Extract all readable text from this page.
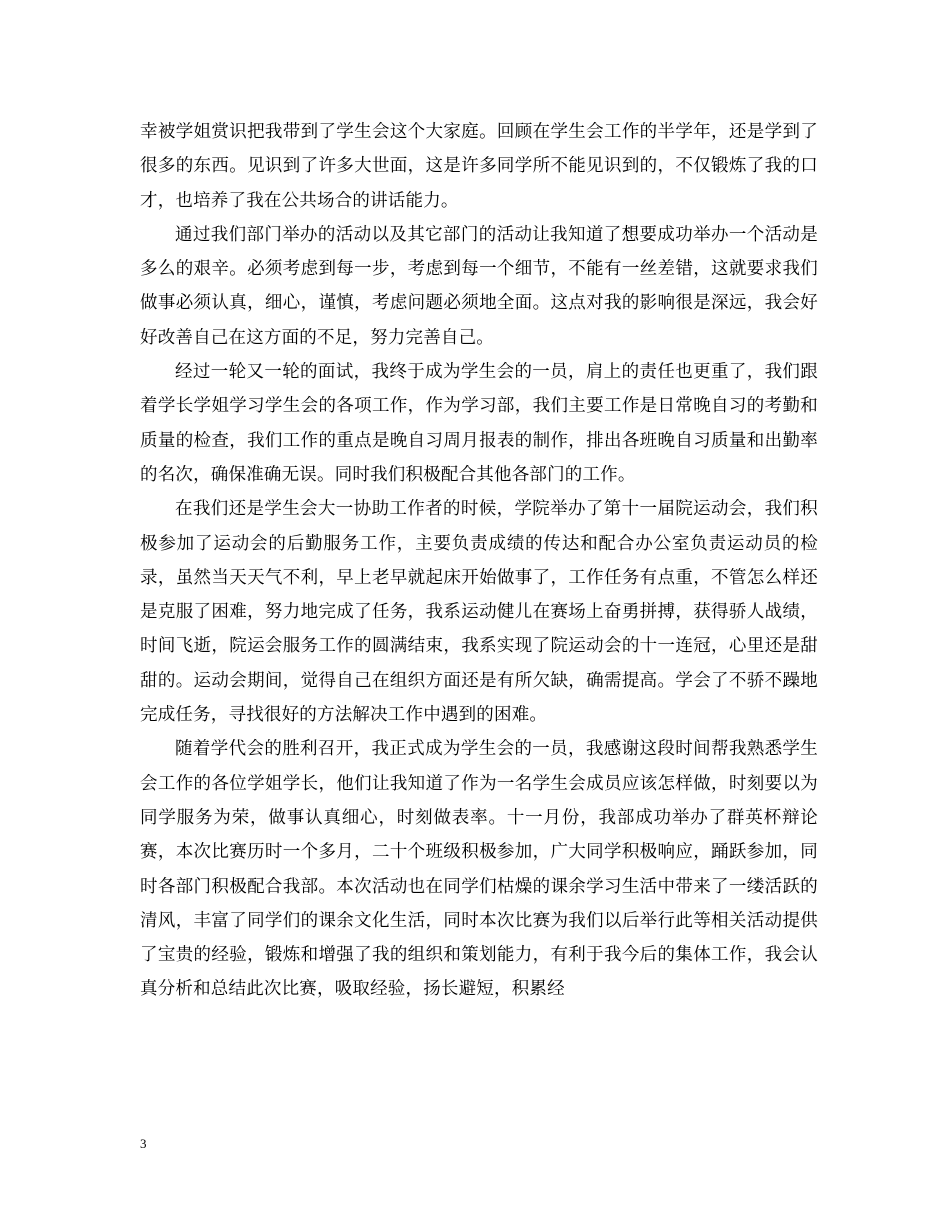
幸被学姐赏识把我带到了学生会这个大家庭。回顾在学生会工作的半学年，还是学到了很多的东西。见识到了许多大世面，这是许多同学所不能见识到的，不仅锻炼了我的口才，也培养了我在公共场合的讲话能力。

通过我们部门举办的活动以及其它部门的活动让我知道了想要成功举办一个活动是多么的艰辛。必须考虑到每一步，考虑到每一个细节，不能有一丝差错，这就要求我们做事必须认真，细心，谨慎，考虑问题必须地全面。这点对我的影响很是深远，我会好好改善自己在这方面的不足，努力完善自己。

经过一轮又一轮的面试，我终于成为学生会的一员，肩上的责任也更重了，我们跟着学长学姐学习学生会的各项工作，作为学习部，我们主要工作是日常晚自习的考勤和质量的检查，我们工作的重点是晚自习周月报表的制作，排出各班晚自习质量和出勤率的名次，确保准确无误。同时我们积极配合其他各部门的工作。

在我们还是学生会大一协助工作者的时候，学院举办了第十一届院运动会，我们积极参加了运动会的后勤服务工作，主要负责成绩的传达和配合办公室负责运动员的检录，虽然当天天气不利，早上老早就起床开始做事了，工作任务有点重，不管怎么样还是克服了困难，努力地完成了任务，我系运动健儿在赛场上奋勇拼搏，获得骄人战绩，时间飞逝，院运会服务工作的圆满结束，我系实现了院运动会的十一连冠，心里还是甜甜的。运动会期间，觉得自己在组织方面还是有所欠缺，确需提高。学会了不骄不躁地完成任务，寻找很好的方法解决工作中遇到的困难。

随着学代会的胜利召开，我正式成为学生会的一员，我感谢这段时间帮我熟悉学生会工作的各位学姐学长，他们让我知道了作为一名学生会成员应该怎样做，时刻要以为同学服务为荣，做事认真细心，时刻做表率。十一月份，我部成功举办了群英杯辩论赛，本次比赛历时一个多月，二十个班级积极参加，广大同学积极响应，踊跃参加，同时各部门积极配合我部。本次活动也在同学们枯燥的课余学习生活中带来了一缕活跃的清风，丰富了同学们的课余文化生活，同时本次比赛为我们以后举行此等相关活动提供了宝贵的经验，锻炼和增强了我的组织和策划能力，有利于我今后的集体工作，我会认真分析和总结此次比赛，吸取经验，扬长避短，积累经

3
